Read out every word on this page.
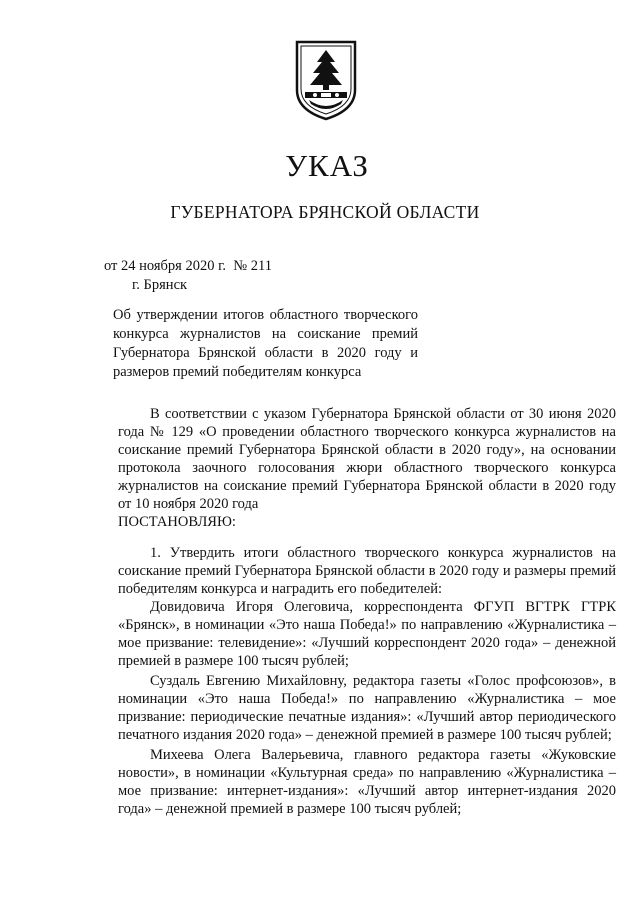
УКАЗ
ГУБЕРНАТОРА БРЯНСКОЙ ОБЛАСТИ
от 24 ноября 2020 г.  № 211
г. Брянск
Об утверждении итогов областного творческого конкурса журналистов на соискание премий Губернатора Брянской области в 2020 году и размеров премий победителям конкурса

В соответствии с указом Губернатора Брянской области от 30 июня 2020 года № 129 «О проведении областного творческого конкурса журналистов на соискание премий Губернатора Брянской области в 2020 году», на основании протокола заочного голосования жюри областного творческого конкурса журналистов на соискание премий Губернатора Брянской области в 2020 году от 10 ноября 2020 года

ПОСТАНОВЛЯЮ:

1. Утвердить итоги областного творческого конкурса журналистов на соискание премий Губернатора Брянской области в 2020 году и размеры премий победителям конкурса и наградить его победителей:

Довидовича Игоря Олеговича, корреспондента ФГУП ВГТРК ГТРК «Брянск», в номинации «Это наша Победа!» по направлению «Журналистика – мое призвание: телевидение»: «Лучший корреспондент 2020 года» – денежной премией в размере 100 тысяч рублей;

Суздаль Евгению Михайловну, редактора газеты «Голос профсоюзов», в номинации «Это наша Победа!» по направлению «Журналистика – мое призвание: периодические печатные издания»: «Лучший автор периодического печатного издания 2020 года» – денежной премией в размере 100 тысяч рублей;

Михеева Олега Валерьевича, главного редактора газеты «Жуковские новости», в номинации «Культурная среда» по направлению «Журналистика – мое призвание: интернет-издания»: «Лучший автор интернет-издания 2020 года» – денежной премией в размере 100 тысяч рублей;
